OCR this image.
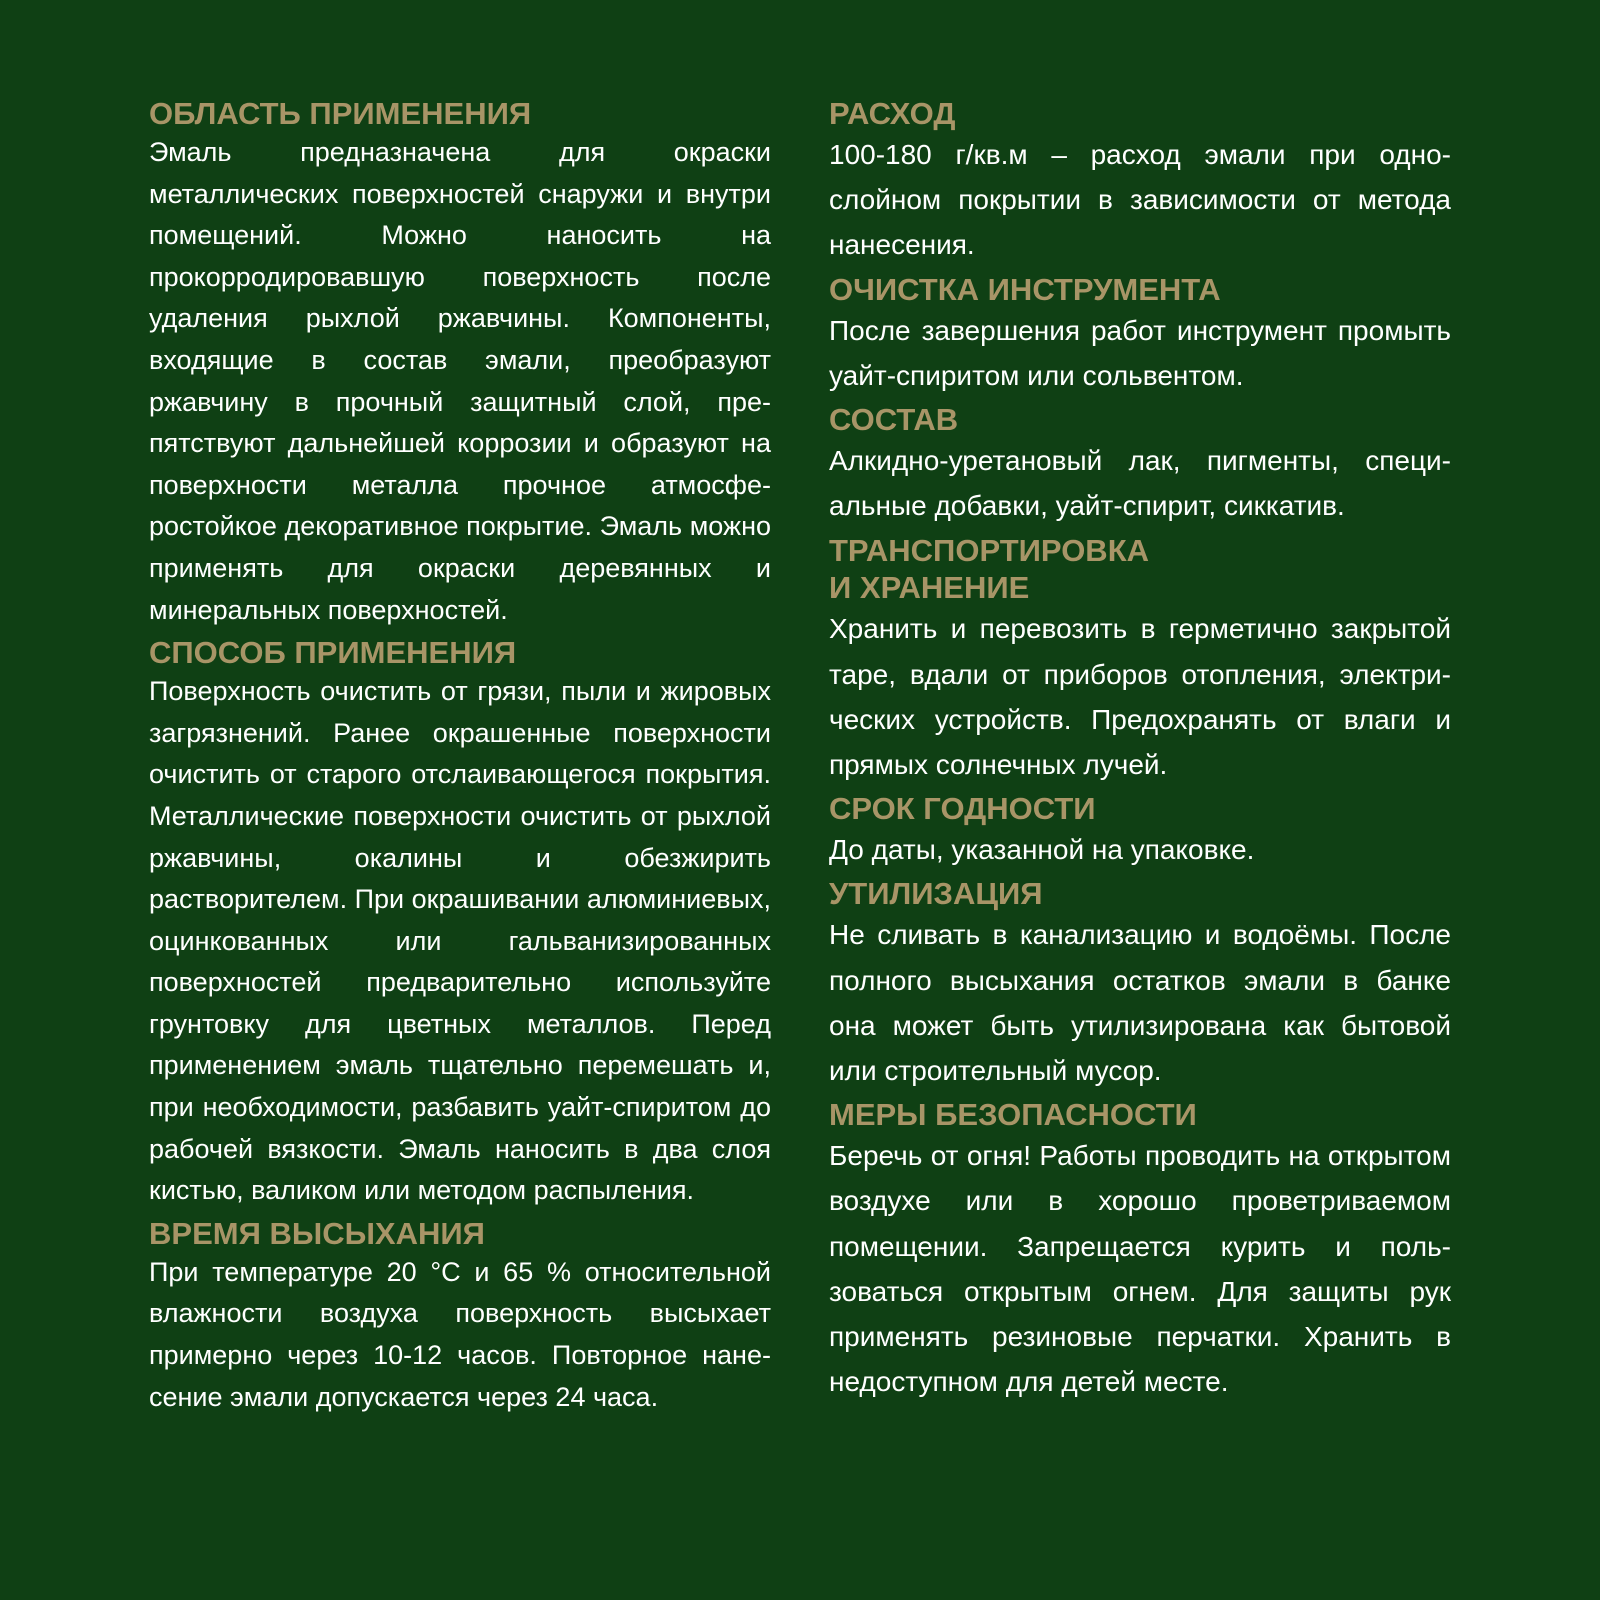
ОБЛАСТЬ ПРИМЕНЕНИЯ

Эмаль предназначена для окраски металлических поверхностей снаружи и внутри помещений. Можно наносить на прокорродировавшую поверхность после удаления рыхлой ржавчины. Компоненты, входящие в состав эмали, преобразуют ржавчину в прочный защитный слой, препятствуют дальнейшей коррозии и образуют на поверхности металла прочное атмосферостойкое декоративное покрытие. Эмаль можно применять для окраски деревянных и минеральных поверхностей.

СПОСОБ ПРИМЕНЕНИЯ

Поверхность очистить от грязи, пыли и жировых загрязнений. Ранее окрашенные поверхности очистить от старого отслаивающегося покрытия. Металлические поверхности очистить от рыхлой ржавчины, окалины и обезжирить растворителем. При окрашивании алюминиевых, оцинкованных или гальванизированных поверхностей предварительно используйте грунтовку для цветных металлов. Перед применением эмаль тщательно перемешать и, при необходимости, разбавить уайт-спиритом до рабочей вязкости. Эмаль наносить в два слоя кистью, валиком или методом распыления.

ВРЕМЯ ВЫСЫХАНИЯ

При температуре 20 °С и 65 % относительной влажности воздуха поверхность высыхает примерно через 10-12 часов. Повторное нанесение эмали допускается через 24 часа.

РАСХОД

100-180 г/кв.м – расход эмали при однослойном покрытии в зависимости от метода нанесения.

ОЧИСТКА ИНСТРУМЕНТА

После завершения работ инструмент промыть уайт-спиритом или сольвентом.

СОСТАВ

Алкидно-уретановый лак, пигменты, специальные добавки, уайт-спирит, сиккатив.

ТРАНСПОРТИРОВКА
И ХРАНЕНИЕ

Хранить и перевозить в герметично закрытой таре, вдали от приборов отопления, электрических устройств. Предохранять от влаги и прямых солнечных лучей.

СРОК ГОДНОСТИ

До даты, указанной на упаковке.

УТИЛИЗАЦИЯ

Не сливать в канализацию и водоёмы. После полного высыхания остатков эмали в банке она может быть утилизирована как бытовой или строительный мусор.

МЕРЫ БЕЗОПАСНОСТИ

Беречь от огня! Работы проводить на открытом воздухе или в хорошо проветриваемом помещении. Запрещается курить и пользоваться открытым огнем. Для защиты рук применять резиновые перчатки. Хранить в недоступном для детей месте.
